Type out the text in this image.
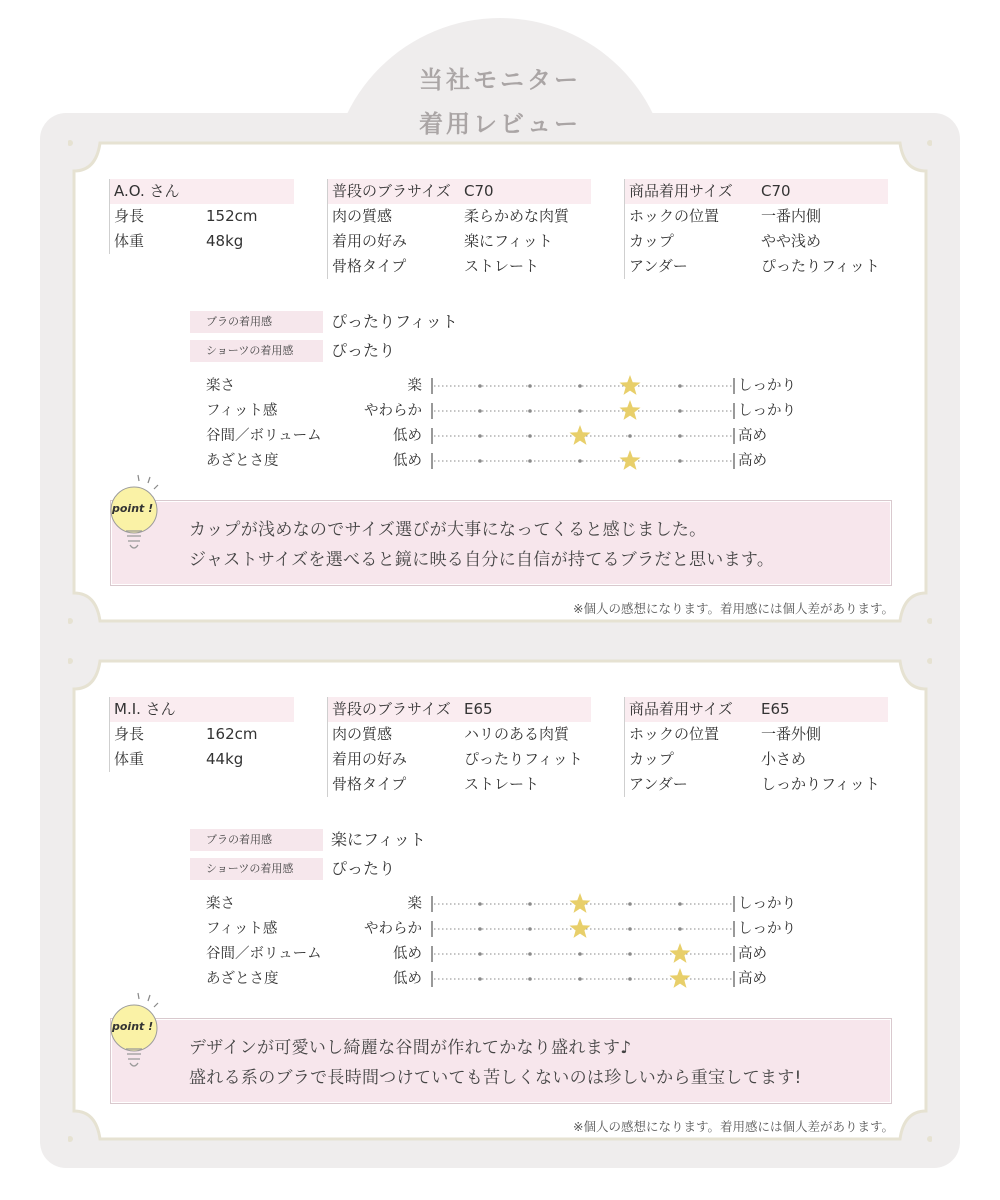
当社モニター
着用レビュー
A.O. さん
身長	152cm
体重	48kg
普段のブラサイズ C70
肉の質感	柔らかめな肉質
着用の好み	楽にフィット
骨格タイプ	ストレート
商品着用サイズ C70
ホックの位置	一番内側
カップ	やや浅め
アンダー	ぴったりフィット
ブラの着用感	ぴったりフィット
ショーツの着用感	ぴったり
楽さ	楽	しっかり
フィット感	やわらか	しっかり
谷間／ボリューム	低め	高め
あざとさ度	低め	高め
カップが浅めなのでサイズ選びが大事になってくると感じました。
ジャストサイズを選べると鏡に映る自分に自信が持てるブラだと思います。
point !
※個人の感想になります。着用感には個人差があります。
M.I. さん
身長	162cm
体重	44kg
普段のブラサイズ E65
肉の質感	ハリのある肉質
着用の好み	ぴったりフィット
骨格タイプ	ストレート
商品着用サイズ E65
ホックの位置	一番外側
カップ	小さめ
アンダー	しっかりフィット
ブラの着用感	楽にフィット
ショーツの着用感	ぴったり
楽さ	楽	しっかり
フィット感	やわらか	しっかり
谷間／ボリューム	低め	高め
あざとさ度	低め	高め
デザインが可愛いし綺麗な谷間が作れてかなり盛れます♪
盛れる系のブラで長時間つけていても苦しくないのは珍しいから重宝してます!
point !
※個人の感想になります。着用感には個人差があります。
